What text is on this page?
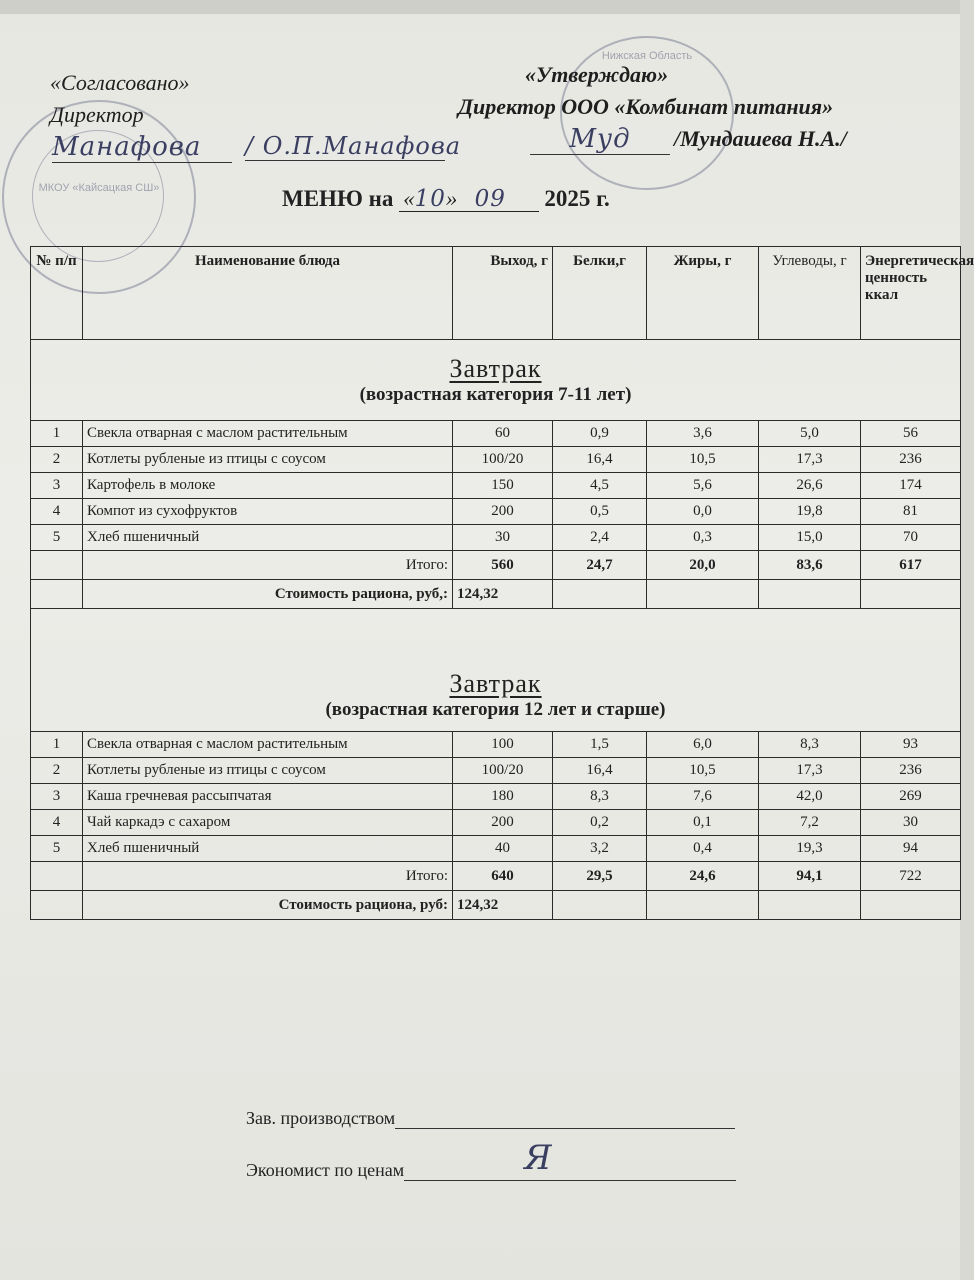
МКОУ «Кайсацкая СШ»
Нижская Область
«Согласовано»
Директор
Манафова	/ О.П.Манафова
«Утверждаю»
Директор ООО «Комбинат питания»
Муд	/Мундашева Н.А./
МЕНЮ на «10» 09 2025 г.
№ п/п	Наименование блюда	Выход, г	Белки,г	Жиры, г	Углеводы, г	Энергетическая ценность ккал

Завтрак
(возрастная категория 7-11 лет)						

1	Свекла отварная с маслом растительным	60	0,9	3,6	5,0	56
2	Котлеты рубленые из птицы с соусом	100/20	16,4	10,5	17,3	236
3	Картофель в молоке	150	4,5	5,6	26,6	174
4	Компот из сухофруктов	200	0,5	0,0	19,8	81
5	Хлеб пшеничный	30	2,4	0,3	15,0	70
	Итого:	560	24,7	20,0	83,6	617
	Стоимость рациона, руб,:	124,32				

Завтрак
(возрастная категория 12 лет и старше)						

1	Свекла отварная с маслом растительным	100	1,5	6,0	8,3	93
2	Котлеты рубленые из птицы с соусом	100/20	16,4	10,5	17,3	236
3	Каша гречневая рассыпчатая	180	8,3	7,6	42,0	269
4	Чай каркадэ с сахаром	200	0,2	0,1	7,2	30
5	Хлеб пшеничный	40	3,2	0,4	19,3	94
	Итого:	640	29,5	24,6	94,1	722
	Стоимость рациона, руб:	124,32				
Зав. производством
Экономист по ценам	Я
